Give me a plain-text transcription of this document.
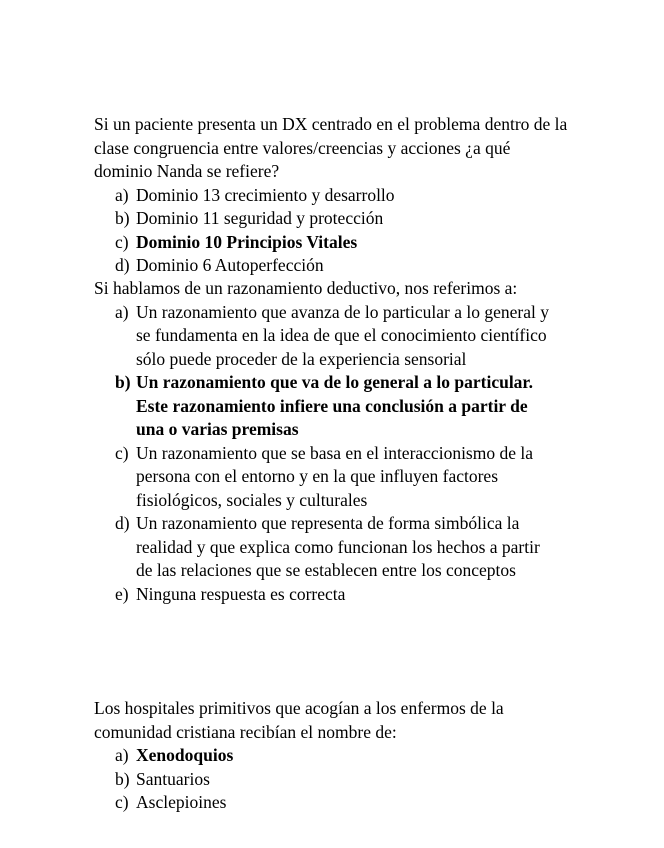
Si un paciente presenta un DX centrado en el problema dentro de la clase congruencia entre valores/creencias y acciones ¿a qué dominio Nanda se refiere?

a) Dominio 13 crecimiento y desarrollo
b) Dominio 11 seguridad y protección
c) Dominio 10 Principios Vitales
d) Dominio 6 Autoperfección

Si hablamos de un razonamiento deductivo, nos referimos a:

a) Un razonamiento que avanza de lo particular a lo general y se fundamenta en la idea de que el conocimiento científico sólo puede proceder de la experiencia sensorial
b) Un razonamiento que va de lo general a lo particular. Este razonamiento infiere una conclusión a partir de una o varias premisas
c) Un razonamiento que se basa en el interaccionismo de la persona con el entorno y en la que influyen factores fisiológicos, sociales y culturales
d) Un razonamiento que representa de forma simbólica la realidad y que explica como funcionan los hechos a partir de las relaciones que se establecen entre los conceptos
e) Ninguna respuesta es correcta

Los hospitales primitivos que acogían a los enfermos de la comunidad cristiana recibían el nombre de:

a) Xenodoquios
b) Santuarios
c) Asclepioines
